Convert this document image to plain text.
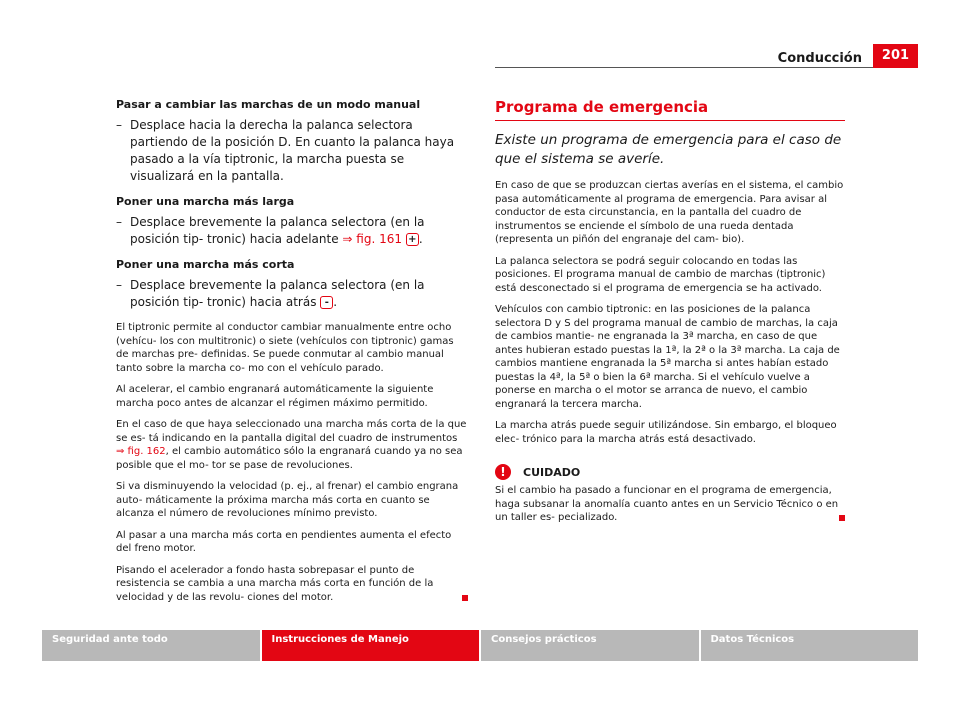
Conducción	201
Pasar a cambiar las marchas de un modo manual
– Desplace hacia la derecha la palanca selectora partiendo de la posición D. En cuanto la palanca haya pasado a la vía tiptronic, la marcha puesta se visualizará en la pantalla.
Poner una marcha más larga
– Desplace brevemente la palanca selectora (en la posición tip- tronic) hacia adelante ⇒ fig. 161 + .
Poner una marcha más corta
– Desplace brevemente la palanca selectora (en la posición tip- tronic) hacia atrás - .

El tiptronic permite al conductor cambiar manualmente entre ocho (vehícu- los con multitronic) o siete (vehículos con tiptronic) gamas de marchas pre- definidas. Se puede conmutar al cambio manual tanto sobre la marcha co- mo con el vehículo parado.

Al acelerar, el cambio engranará automáticamente la siguiente marcha poco antes de alcanzar el régimen máximo permitido.

En el caso de que haya seleccionado una marcha más corta de la que se es- tá indicando en la pantalla digital del cuadro de instrumentos ⇒ fig. 162, el cambio automático sólo la engranará cuando ya no sea posible que el mo- tor se pase de revoluciones.

Si va disminuyendo la velocidad (p. ej., al frenar) el cambio engrana auto- máticamente la próxima marcha más corta en cuanto se alcanza el número de revoluciones mínimo previsto.

Al pasar a una marcha más corta en pendientes aumenta el efecto del freno motor.

Pisando el acelerador a fondo hasta sobrepasar el punto de resistencia se cambia a una marcha más corta en función de la velocidad y de las revolu- ciones del motor.

Programa de emergencia
Existe un programa de emergencia para el caso de que el sistema se averíe.

En caso de que se produzcan ciertas averías en el sistema, el cambio pasa automáticamente al programa de emergencia. Para avisar al conductor de esta circunstancia, en la pantalla del cuadro de instrumentos se enciende el símbolo de una rueda dentada (representa un piñón del engranaje del cam- bio).

La palanca selectora se podrá seguir colocando en todas las posiciones. El programa manual de cambio de marchas (tiptronic) está desconectado si el programa de emergencia se ha activado.

Vehículos con cambio tiptronic: en las posiciones de la palanca selectora D y S del programa manual de cambio de marchas, la caja de cambios mantie- ne engranada la 3ª marcha, en caso de que antes hubieran estado puestas la 1ª, la 2ª o la 3ª marcha. La caja de cambios mantiene engranada la 5ª marcha si antes habían estado puestas la 4ª, la 5ª o bien la 6ª marcha. Si el vehículo vuelve a ponerse en marcha o el motor se arranca de nuevo, el cambio engranará la tercera marcha.

La marcha atrás puede seguir utilizándose. Sin embargo, el bloqueo elec- trónico para la marcha atrás está desactivado.

!	CUIDADO

Si el cambio ha pasado a funcionar en el programa de emergencia, haga subsanar la anomalía cuanto antes en un Servicio Técnico o en un taller es- pecializado.

Seguridad ante todo	Instrucciones de Manejo	Consejos prácticos	Datos Técnicos
